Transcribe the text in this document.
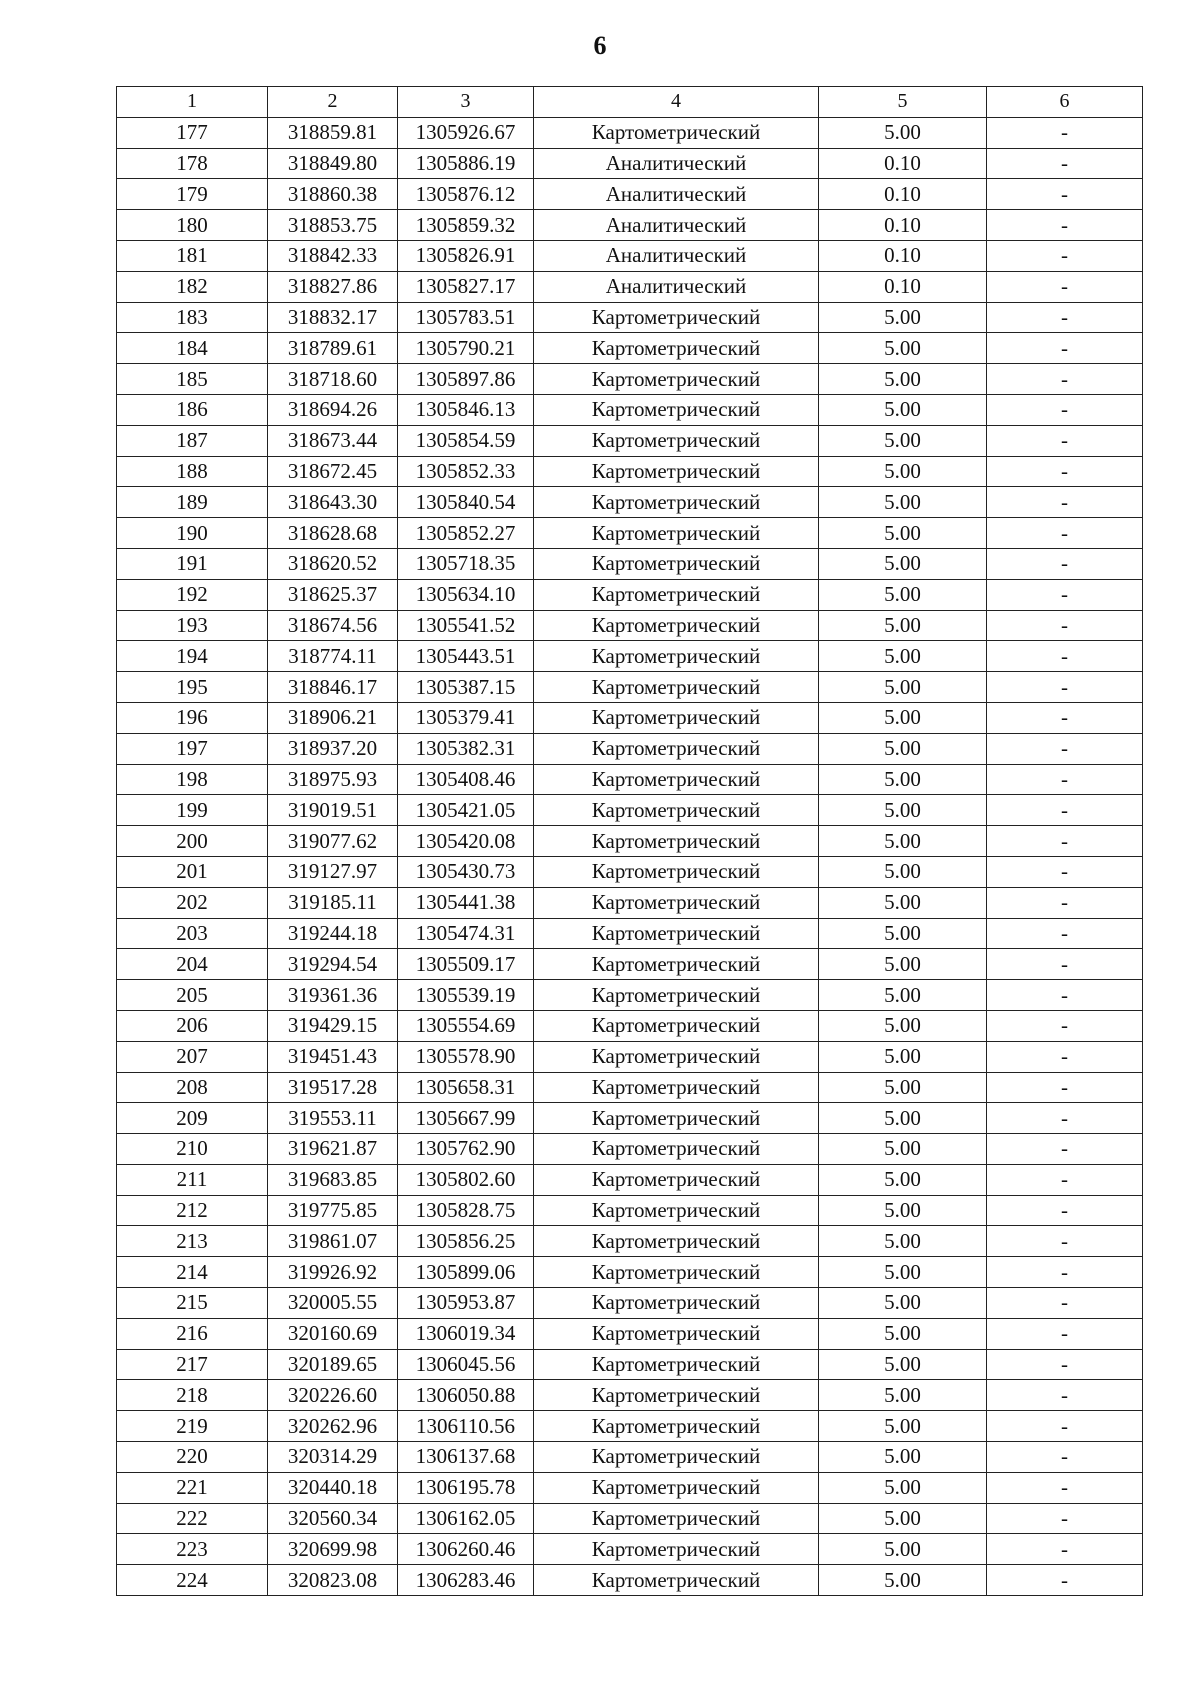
6
1	2	3	4	5	6
177	318859.81	1305926.67	Картометрический	5.00	-
178	318849.80	1305886.19	Аналитический	0.10	-
179	318860.38	1305876.12	Аналитический	0.10	-
180	318853.75	1305859.32	Аналитический	0.10	-
181	318842.33	1305826.91	Аналитический	0.10	-
182	318827.86	1305827.17	Аналитический	0.10	-
183	318832.17	1305783.51	Картометрический	5.00	-
184	318789.61	1305790.21	Картометрический	5.00	-
185	318718.60	1305897.86	Картометрический	5.00	-
186	318694.26	1305846.13	Картометрический	5.00	-
187	318673.44	1305854.59	Картометрический	5.00	-
188	318672.45	1305852.33	Картометрический	5.00	-
189	318643.30	1305840.54	Картометрический	5.00	-
190	318628.68	1305852.27	Картометрический	5.00	-
191	318620.52	1305718.35	Картометрический	5.00	-
192	318625.37	1305634.10	Картометрический	5.00	-
193	318674.56	1305541.52	Картометрический	5.00	-
194	318774.11	1305443.51	Картометрический	5.00	-
195	318846.17	1305387.15	Картометрический	5.00	-
196	318906.21	1305379.41	Картометрический	5.00	-
197	318937.20	1305382.31	Картометрический	5.00	-
198	318975.93	1305408.46	Картометрический	5.00	-
199	319019.51	1305421.05	Картометрический	5.00	-
200	319077.62	1305420.08	Картометрический	5.00	-
201	319127.97	1305430.73	Картометрический	5.00	-
202	319185.11	1305441.38	Картометрический	5.00	-
203	319244.18	1305474.31	Картометрический	5.00	-
204	319294.54	1305509.17	Картометрический	5.00	-
205	319361.36	1305539.19	Картометрический	5.00	-
206	319429.15	1305554.69	Картометрический	5.00	-
207	319451.43	1305578.90	Картометрический	5.00	-
208	319517.28	1305658.31	Картометрический	5.00	-
209	319553.11	1305667.99	Картометрический	5.00	-
210	319621.87	1305762.90	Картометрический	5.00	-
211	319683.85	1305802.60	Картометрический	5.00	-
212	319775.85	1305828.75	Картометрический	5.00	-
213	319861.07	1305856.25	Картометрический	5.00	-
214	319926.92	1305899.06	Картометрический	5.00	-
215	320005.55	1305953.87	Картометрический	5.00	-
216	320160.69	1306019.34	Картометрический	5.00	-
217	320189.65	1306045.56	Картометрический	5.00	-
218	320226.60	1306050.88	Картометрический	5.00	-
219	320262.96	1306110.56	Картометрический	5.00	-
220	320314.29	1306137.68	Картометрический	5.00	-
221	320440.18	1306195.78	Картометрический	5.00	-
222	320560.34	1306162.05	Картометрический	5.00	-
223	320699.98	1306260.46	Картометрический	5.00	-
224	320823.08	1306283.46	Картометрический	5.00	-
